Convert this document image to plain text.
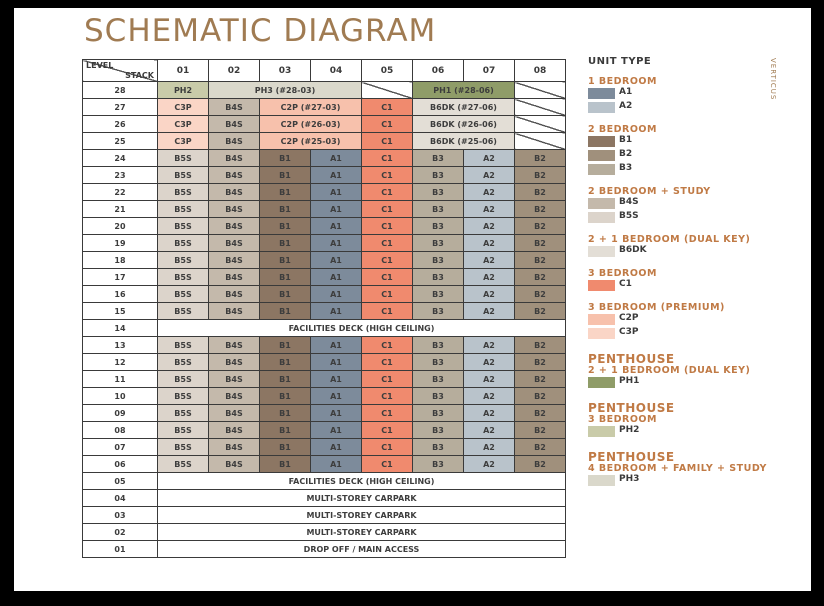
SCHEMATIC DIAGRAM
VERTICUS
LEVEL
STACK	01	02	03	04	05	06	07	08
28	PH2	PH3 (#28-03)				PH1 (#28-06)		
27	C3P	B4S	C2P (#27-03)		C1	B6DK (#27-06)		
26	C3P	B4S	C2P (#26-03)		C1	B6DK (#26-06)		
25	C3P	B4S	C2P (#25-03)		C1	B6DK (#25-06)		
24	B5S	B4S	B1	A1	C1	B3	A2	B2
23	B5S	B4S	B1	A1	C1	B3	A2	B2
22	B5S	B4S	B1	A1	C1	B3	A2	B2
21	B5S	B4S	B1	A1	C1	B3	A2	B2
20	B5S	B4S	B1	A1	C1	B3	A2	B2
19	B5S	B4S	B1	A1	C1	B3	A2	B2
18	B5S	B4S	B1	A1	C1	B3	A2	B2
17	B5S	B4S	B1	A1	C1	B3	A2	B2
16	B5S	B4S	B1	A1	C1	B3	A2	B2
15	B5S	B4S	B1	A1	C1	B3	A2	B2
14	FACILITIES DECK (HIGH CEILING)							
13	B5S	B4S	B1	A1	C1	B3	A2	B2
12	B5S	B4S	B1	A1	C1	B3	A2	B2
11	B5S	B4S	B1	A1	C1	B3	A2	B2
10	B5S	B4S	B1	A1	C1	B3	A2	B2
09	B5S	B4S	B1	A1	C1	B3	A2	B2
08	B5S	B4S	B1	A1	C1	B3	A2	B2
07	B5S	B4S	B1	A1	C1	B3	A2	B2
06	B5S	B4S	B1	A1	C1	B3	A2	B2
05	FACILITIES DECK (HIGH CEILING)							
04	MULTI-STOREY CARPARK							
03	MULTI-STOREY CARPARK							
02	MULTI-STOREY CARPARK							
01	DROP OFF / MAIN ACCESS							
UNIT TYPE
1 BEDROOM
A1
A2
2 BEDROOM
B1
B2
B3
2 BEDROOM + STUDY
B4S
B5S
2 + 1 BEDROOM (DUAL KEY)
B6DK
3 BEDROOM
C1
3 BEDROOM (PREMIUM)
C2P
C3P
PENTHOUSE
2 + 1 BEDROOM (DUAL KEY)
PH1
PENTHOUSE
3 BEDROOM
PH2
PENTHOUSE
4 BEDROOM + FAMILY + STUDY
PH3
